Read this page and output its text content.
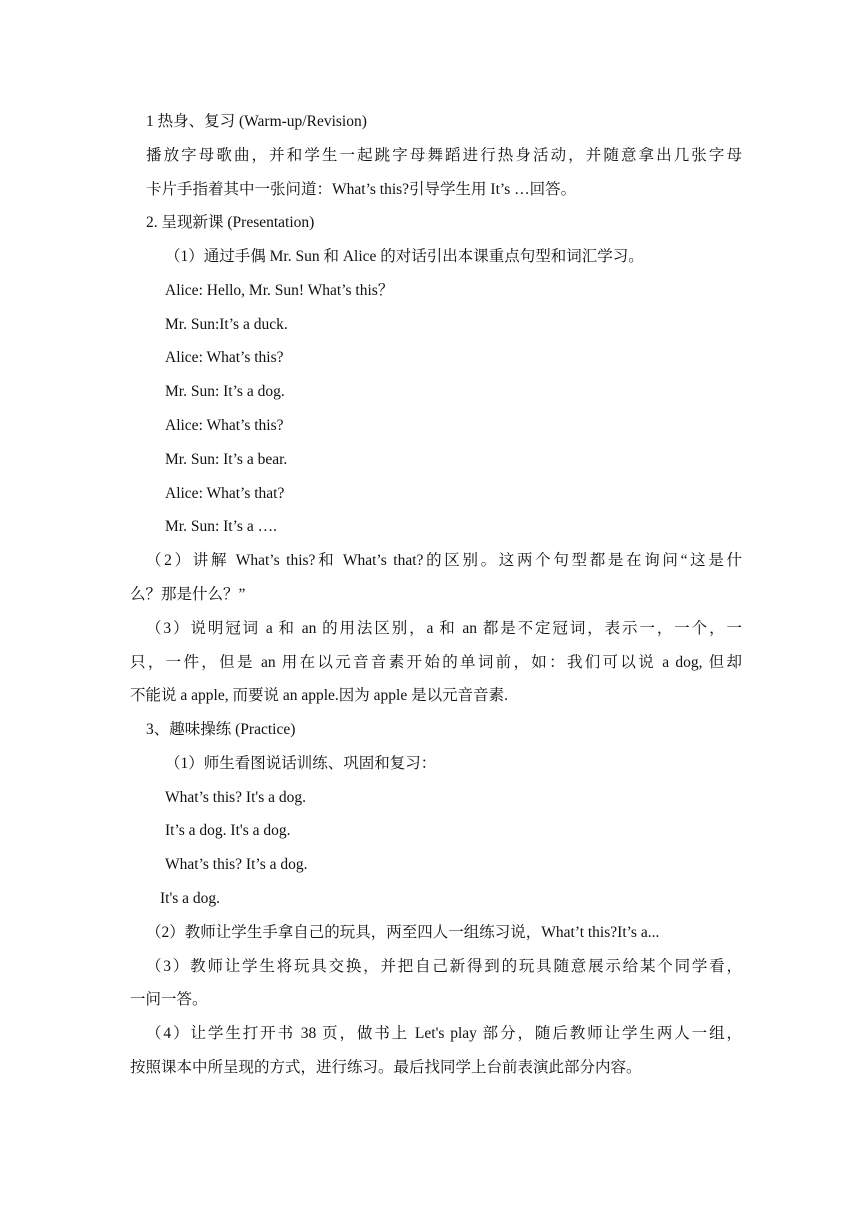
1 热身、复习 (Warm-up/Revision)
播放字母歌曲，并和学生一起跳字母舞蹈进行热身活动，并随意拿出几张字母
卡片手指着其中一张问道：What’s this?引导学生用 It’s …回答。
2. 呈现新课 (Presentation)
（1）通过手偶 Mr. Sun 和 Alice 的对话引出本课重点句型和词汇学习。
Alice: Hello, Mr. Sun! What’s this？
Mr. Sun:It’s a duck.
Alice: What’s this?
Mr. Sun: It’s a dog.
Alice: What’s this?
Mr. Sun: It’s a bear.
Alice: What’s that?
Mr. Sun: It’s a ….
（2）讲解 What’s this?和 What’s that?的区别。这两个句型都是在询问“这是什
么？那是什么？”
（3）说明冠词 a 和 an 的用法区别，a 和 an 都是不定冠词，表示一，一个，一
只，一件，但是 an 用在以元音音素开始的单词前，如：我们可以说 a dog, 但却
不能说 a apple, 而要说 an apple.因为 apple 是以元音音素.
3、趣味操练 (Practice)
（1）师生看图说话训练、巩固和复习：
What’s this? It's a dog.
It’s a dog. It's a dog.
What’s this? It’s a dog.
It's a dog.
（2）教师让学生手拿自己的玩具，两至四人一组练习说，What’t this?It’s a...
（3）教师让学生将玩具交换，并把自己新得到的玩具随意展示给某个同学看，
一问一答。
（4）让学生打开书 38 页，做书上 Let's play 部分，随后教师让学生两人一组，
按照课本中所呈现的方式，进行练习。最后找同学上台前表演此部分内容。
